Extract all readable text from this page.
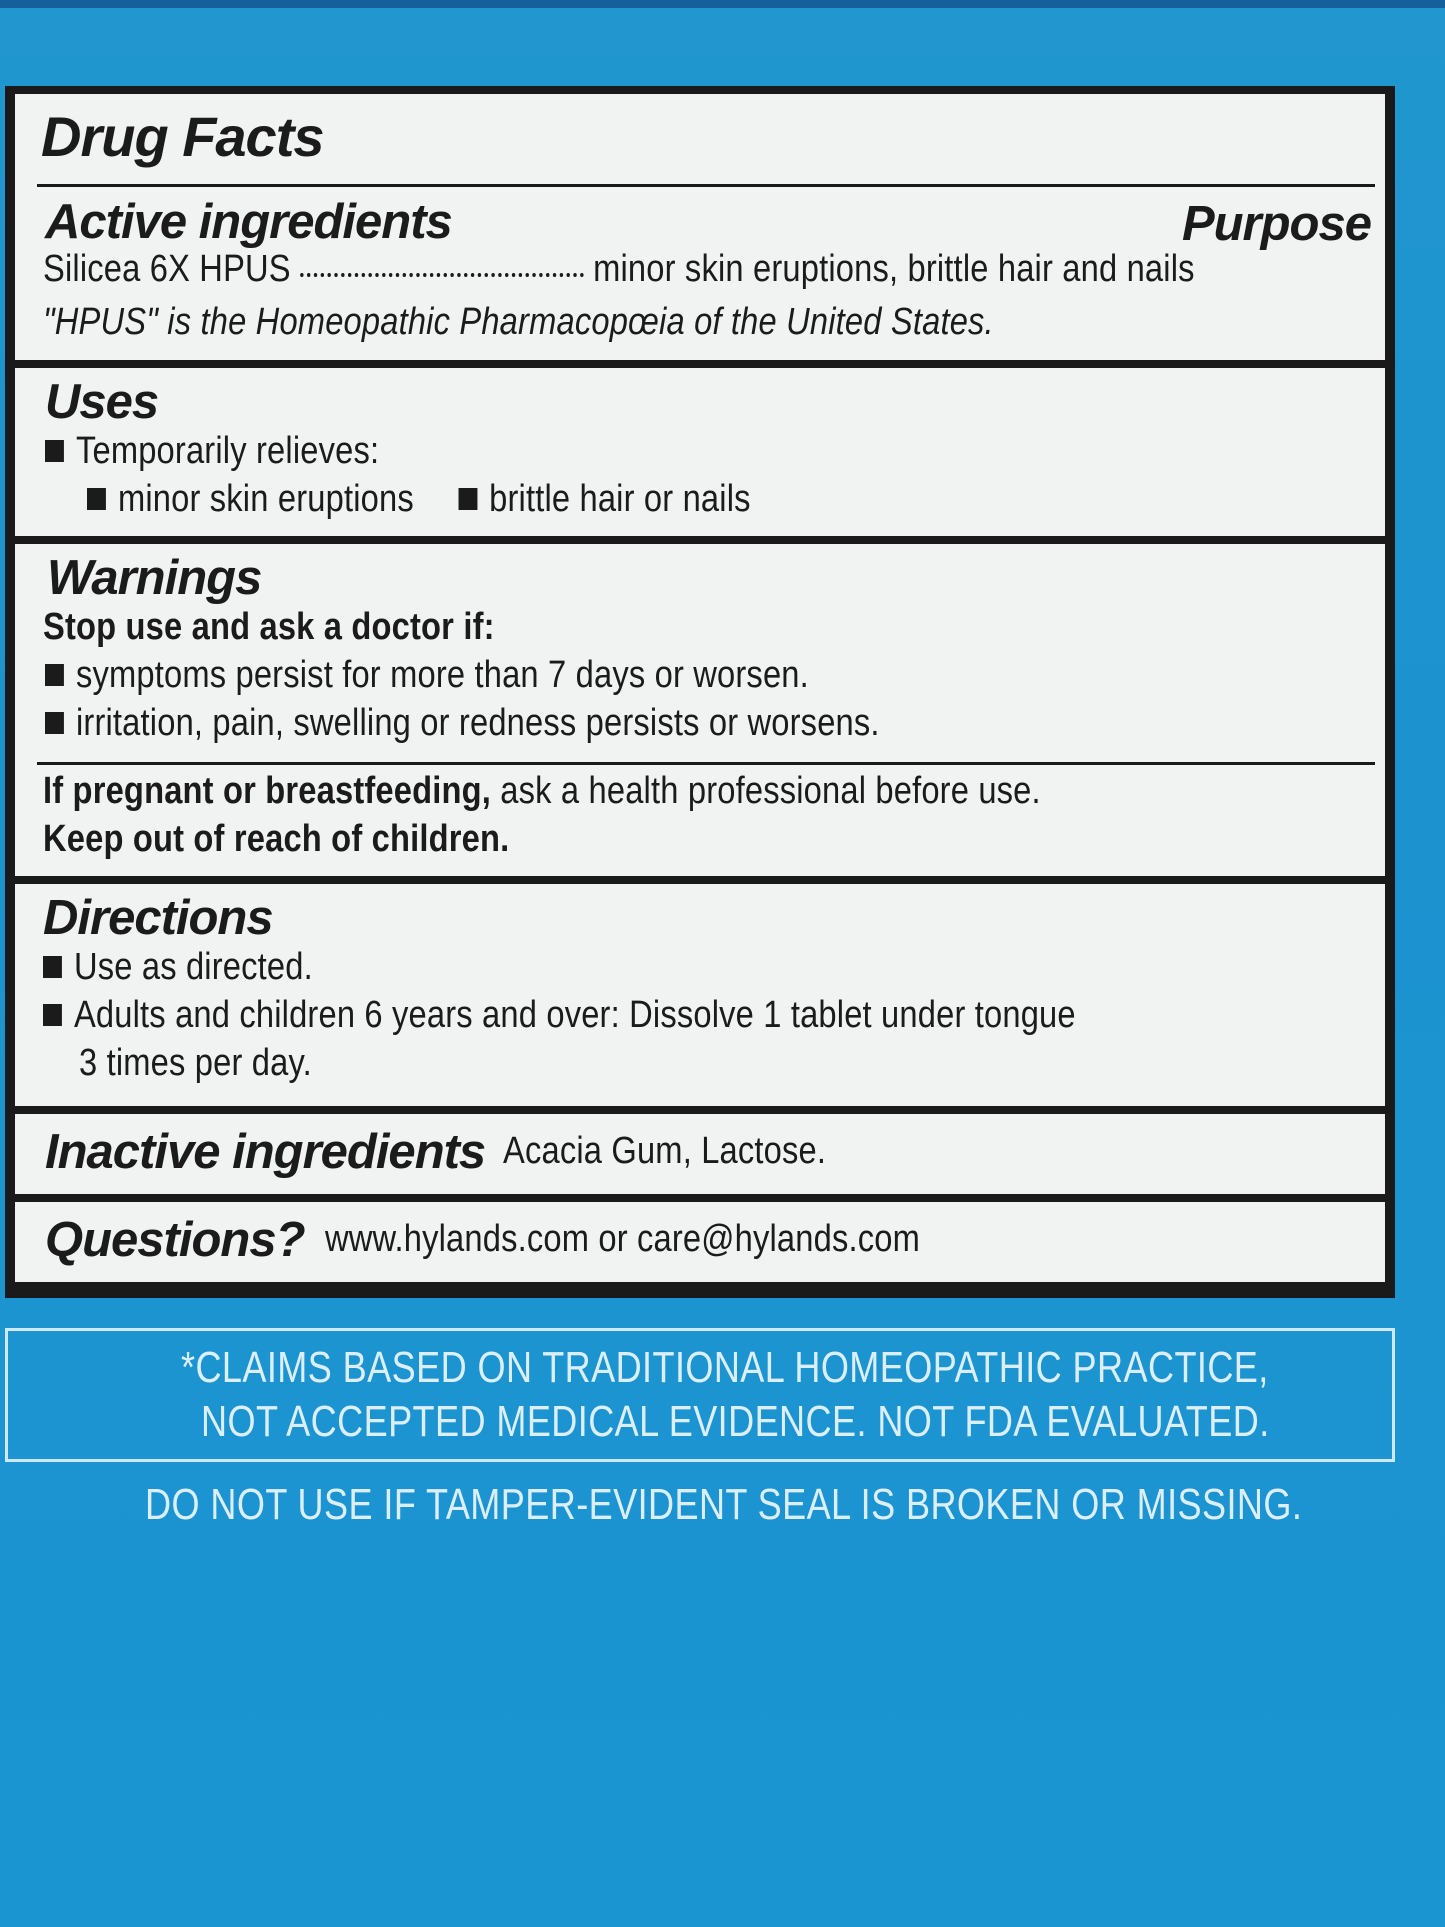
Drug Facts
Active ingredients	Purpose
Silicea 6X HPUS	minor skin eruptions, brittle hair and nails
"HPUS" is the Homeopathic Pharmacopœia of the United States.
Uses
Temporarily relieves:
minor skin eruptions brittle hair or nails
Warnings
Stop use and ask a doctor if:
symptoms persist for more than 7 days or worsen.
irritation, pain, swelling or redness persists or worsens.
If pregnant or breastfeeding, ask a health professional before use.
Keep out of reach of children.
Directions
Use as directed.
Adults and children 6 years and over: Dissolve 1 tablet under tongue
3 times per day.
Inactive ingredients Acacia Gum, Lactose.
Questions? www.hylands.com or care@hylands.com
*CLAIMS BASED ON TRADITIONAL HOMEOPATHIC PRACTICE,
NOT ACCEPTED MEDICAL EVIDENCE. NOT FDA EVALUATED.
DO NOT USE IF TAMPER-EVIDENT SEAL IS BROKEN OR MISSING.
